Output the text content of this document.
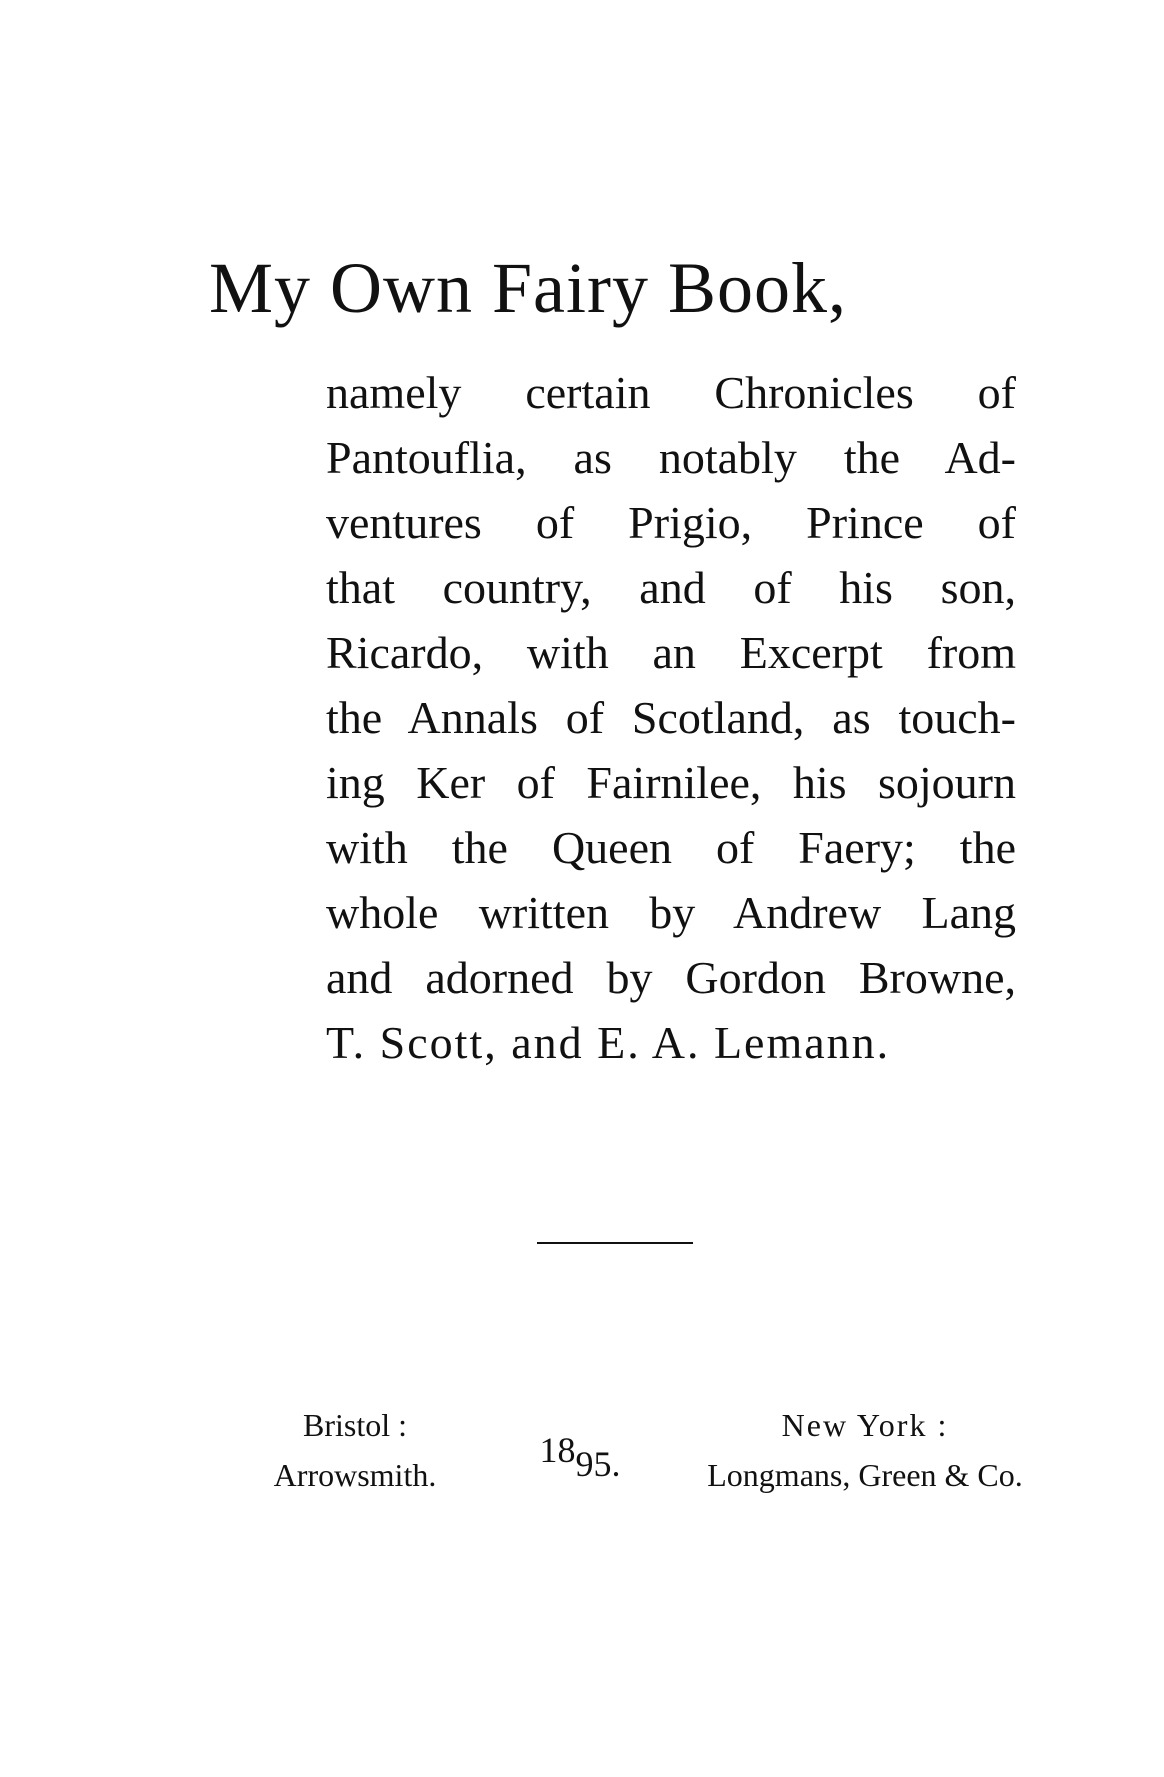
My Own Fairy Book,
namely certain Chronicles of
Pantouflia, as notably the Ad-
ventures of Prigio, Prince of
that country, and of his son,
Ricardo, with an Excerpt from
the Annals of Scotland, as touch-
ing Ker of Fairnilee, his sojourn
with the Queen of Faery; the
whole written by Andrew Lang
and adorned by Gordon Browne,
T. Scott, and E. A. Lemann.
Bristol :
Arrowsmith.
1895.
New York :
Longmans, Green & Co.
